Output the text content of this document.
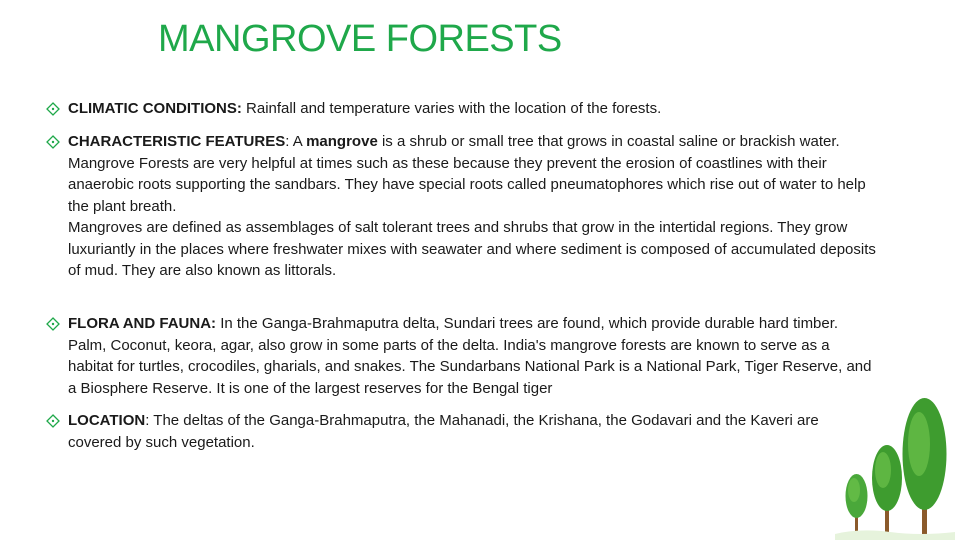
MANGROVE FORESTS
CLIMATIC CONDITIONS: Rainfall and temperature varies with the location of the forests.
CHARACTERISTIC FEATURES: A mangrove is a shrub or small tree that grows in coastal saline or brackish water.
Mangrove Forests are very helpful at times such as these because they prevent the erosion of coastlines with their anaerobic roots supporting the sandbars. They have special roots called pneumatophores which rise out of water to help the plant breath.
Mangroves are defined as assemblages of salt tolerant trees and shrubs that grow in the intertidal regions. They grow luxuriantly in the places where freshwater mixes with seawater and where sediment is composed of accumulated deposits of mud. They are also known as littorals.
FLORA AND FAUNA: In the Ganga-Brahmaputra delta, Sundari trees are found, which provide durable hard timber. Palm, Coconut, keora, agar, also grow in some parts of the delta. India's mangrove forests are known to serve as a habitat for turtles, crocodiles, gharials, and snakes. The Sundarbans National Park is a National Park, Tiger Reserve, and a Biosphere Reserve. It is one of the largest reserves for the Bengal tiger
LOCATION: The deltas of the Ganga-Brahmaputra, the Mahanadi, the Krishana, the Godavari and the Kaveri are covered by such vegetation.
